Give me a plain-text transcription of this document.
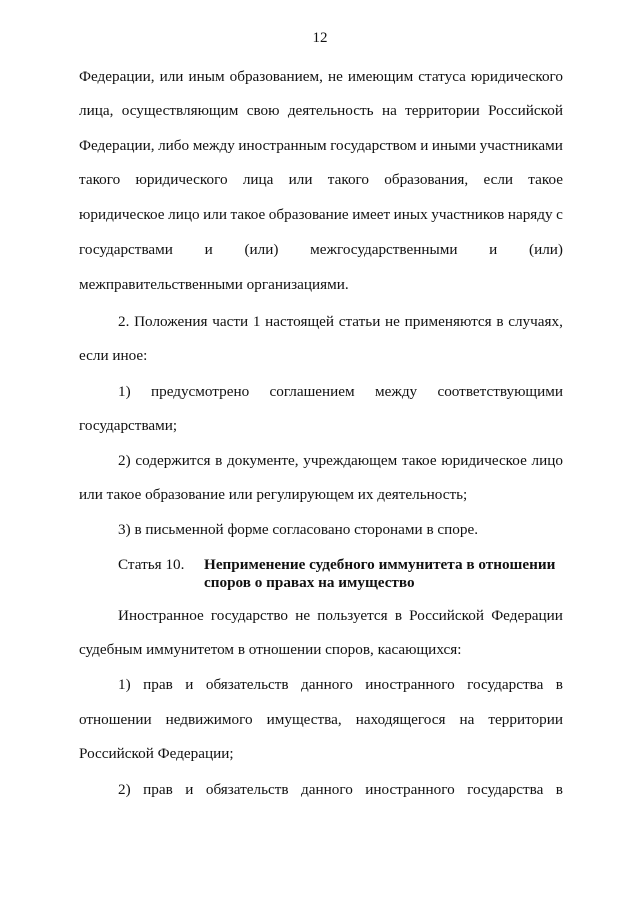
12
Федерации, или иным образованием, не имеющим статуса юридического
лица, осуществляющим свою деятельность на территории Российской
Федерации, либо между иностранным государством и иными участниками
такого юридического лица или такого образования, если такое
юридическое лицо или такое образование имеет иных участников наряду с
государствами и (или) межгосударственными и (или)
межправительственными организациями.
2. Положения части 1 настоящей статьи не применяются в случаях,
если иное:
1) предусмотрено соглашением между соответствующими
государствами;
2) содержится в документе, учреждающем такое юридическое лицо
или такое образование или регулирующем их деятельность;
3) в письменной форме согласовано сторонами в споре.
Иностранное государство не пользуется в Российской Федерации
судебным иммунитетом в отношении споров, касающихся:
1) прав и обязательств данного иностранного государства в
отношении недвижимого имущества, находящегося на территории
Российской Федерации;
2) прав и обязательств данного иностранного государства в
Статья 10. Неприменение судебного иммунитета в отношении
споров о правах на имущество
